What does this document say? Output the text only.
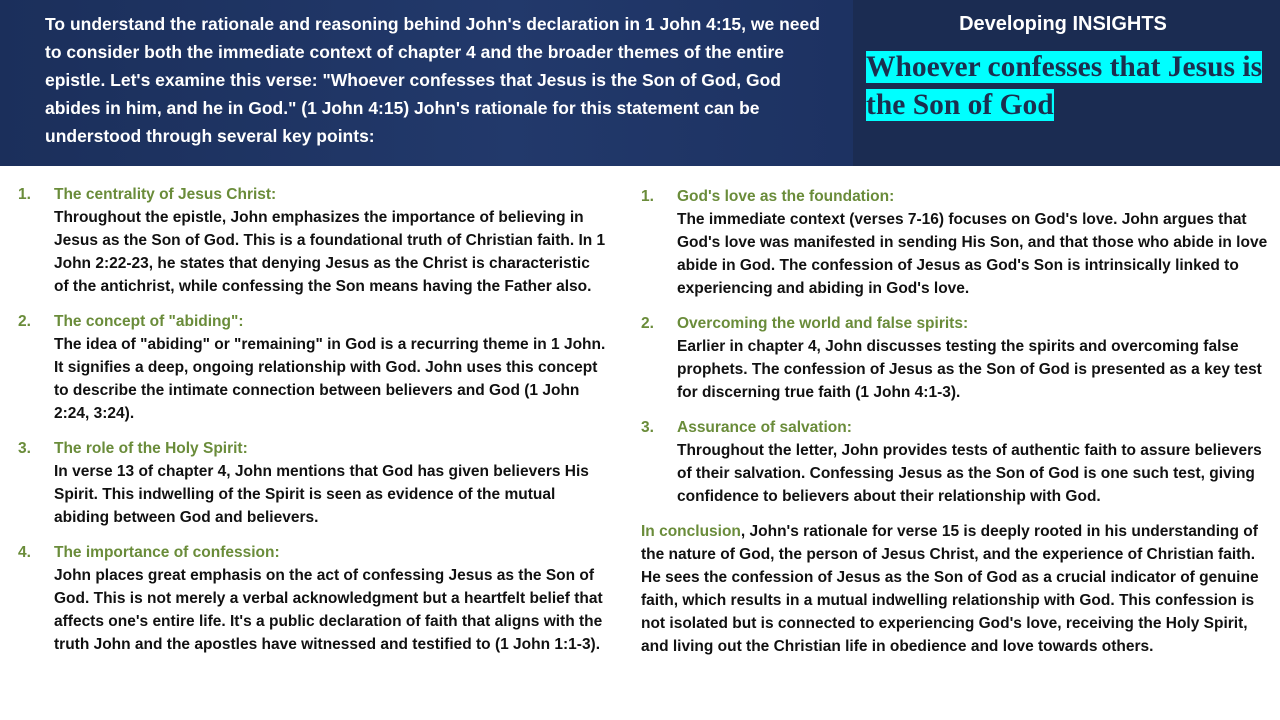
To understand the rationale and reasoning behind John's declaration in 1 John 4:15, we need to consider both the immediate context of chapter 4 and the broader themes of the entire epistle. Let's examine this verse: "Whoever confesses that Jesus is the Son of God, God abides in him, and he in God." (1 John 4:15) John's rationale for this statement can be understood through several key points:
Developing INSIGHTS
Whoever confesses that Jesus is the Son of God
1. The centrality of Jesus Christ:
Throughout the epistle, John emphasizes the importance of believing in Jesus as the Son of God. This is a foundational truth of Christian faith. In 1 John 2:22-23, he states that denying Jesus as the Christ is characteristic of the antichrist, while confessing the Son means having the Father also.
2. The concept of "abiding":
The idea of "abiding" or "remaining" in God is a recurring theme in 1 John. It signifies a deep, ongoing relationship with God. John uses this concept to describe the intimate connection between believers and God (1 John 2:24, 3:24).
3. The role of the Holy Spirit:
In verse 13 of chapter 4, John mentions that God has given believers His Spirit. This indwelling of the Spirit is seen as evidence of the mutual abiding between God and believers.
4. The importance of confession:
John places great emphasis on the act of confessing Jesus as the Son of God. This is not merely a verbal acknowledgment but a heartfelt belief that affects one's entire life. It's a public declaration of faith that aligns with the truth John and the apostles have witnessed and testified to (1 John 1:1-3).
1. God's love as the foundation:
The immediate context (verses 7-16) focuses on God's love. John argues that God's love was manifested in sending His Son, and that those who abide in love abide in God. The confession of Jesus as God's Son is intrinsically linked to experiencing and abiding in God's love.
2. Overcoming the world and false spirits:
Earlier in chapter 4, John discusses testing the spirits and overcoming false prophets. The confession of Jesus as the Son of God is presented as a key test for discerning true faith (1 John 4:1-3).
3. Assurance of salvation:
Throughout the letter, John provides tests of authentic faith to assure believers of their salvation. Confessing Jesus as the Son of God is one such test, giving confidence to believers about their relationship with God.
In conclusion, John's rationale for verse 15 is deeply rooted in his understanding of the nature of God, the person of Jesus Christ, and the experience of Christian faith. He sees the confession of Jesus as the Son of God as a crucial indicator of genuine faith, which results in a mutual indwelling relationship with God. This confession is not isolated but is connected to experiencing God's love, receiving the Holy Spirit, and living out the Christian life in obedience and love towards others.
